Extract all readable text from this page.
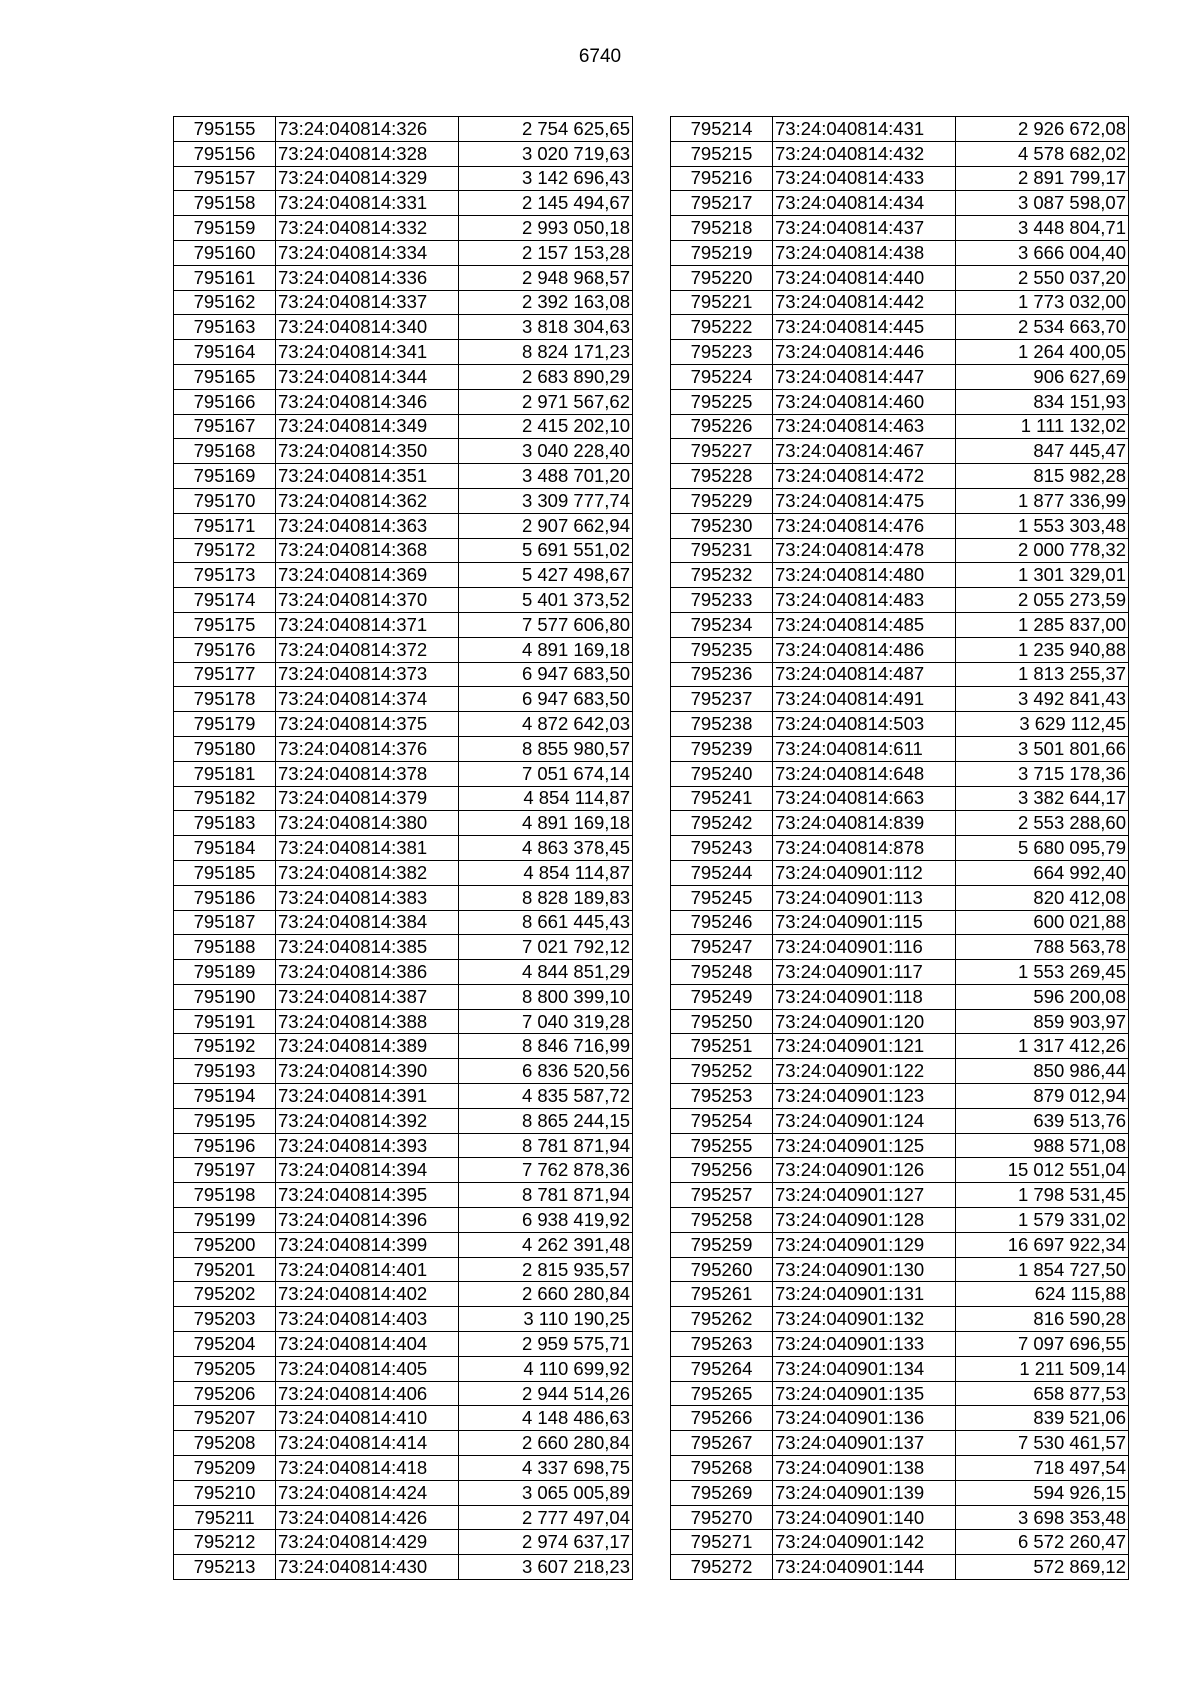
6740
795155	73:24:040814:326	2 754 625,65
795156	73:24:040814:328	3 020 719,63
795157	73:24:040814:329	3 142 696,43
795158	73:24:040814:331	2 145 494,67
795159	73:24:040814:332	2 993 050,18
795160	73:24:040814:334	2 157 153,28
795161	73:24:040814:336	2 948 968,57
795162	73:24:040814:337	2 392 163,08
795163	73:24:040814:340	3 818 304,63
795164	73:24:040814:341	8 824 171,23
795165	73:24:040814:344	2 683 890,29
795166	73:24:040814:346	2 971 567,62
795167	73:24:040814:349	2 415 202,10
795168	73:24:040814:350	3 040 228,40
795169	73:24:040814:351	3 488 701,20
795170	73:24:040814:362	3 309 777,74
795171	73:24:040814:363	2 907 662,94
795172	73:24:040814:368	5 691 551,02
795173	73:24:040814:369	5 427 498,67
795174	73:24:040814:370	5 401 373,52
795175	73:24:040814:371	7 577 606,80
795176	73:24:040814:372	4 891 169,18
795177	73:24:040814:373	6 947 683,50
795178	73:24:040814:374	6 947 683,50
795179	73:24:040814:375	4 872 642,03
795180	73:24:040814:376	8 855 980,57
795181	73:24:040814:378	7 051 674,14
795182	73:24:040814:379	4 854 114,87
795183	73:24:040814:380	4 891 169,18
795184	73:24:040814:381	4 863 378,45
795185	73:24:040814:382	4 854 114,87
795186	73:24:040814:383	8 828 189,83
795187	73:24:040814:384	8 661 445,43
795188	73:24:040814:385	7 021 792,12
795189	73:24:040814:386	4 844 851,29
795190	73:24:040814:387	8 800 399,10
795191	73:24:040814:388	7 040 319,28
795192	73:24:040814:389	8 846 716,99
795193	73:24:040814:390	6 836 520,56
795194	73:24:040814:391	4 835 587,72
795195	73:24:040814:392	8 865 244,15
795196	73:24:040814:393	8 781 871,94
795197	73:24:040814:394	7 762 878,36
795198	73:24:040814:395	8 781 871,94
795199	73:24:040814:396	6 938 419,92
795200	73:24:040814:399	4 262 391,48
795201	73:24:040814:401	2 815 935,57
795202	73:24:040814:402	2 660 280,84
795203	73:24:040814:403	3 110 190,25
795204	73:24:040814:404	2 959 575,71
795205	73:24:040814:405	4 110 699,92
795206	73:24:040814:406	2 944 514,26
795207	73:24:040814:410	4 148 486,63
795208	73:24:040814:414	2 660 280,84
795209	73:24:040814:418	4 337 698,75
795210	73:24:040814:424	3 065 005,89
795211	73:24:040814:426	2 777 497,04
795212	73:24:040814:429	2 974 637,17
795213	73:24:040814:430	3 607 218,23
795214	73:24:040814:431	2 926 672,08
795215	73:24:040814:432	4 578 682,02
795216	73:24:040814:433	2 891 799,17
795217	73:24:040814:434	3 087 598,07
795218	73:24:040814:437	3 448 804,71
795219	73:24:040814:438	3 666 004,40
795220	73:24:040814:440	2 550 037,20
795221	73:24:040814:442	1 773 032,00
795222	73:24:040814:445	2 534 663,70
795223	73:24:040814:446	1 264 400,05
795224	73:24:040814:447	906 627,69
795225	73:24:040814:460	834 151,93
795226	73:24:040814:463	1 111 132,02
795227	73:24:040814:467	847 445,47
795228	73:24:040814:472	815 982,28
795229	73:24:040814:475	1 877 336,99
795230	73:24:040814:476	1 553 303,48
795231	73:24:040814:478	2 000 778,32
795232	73:24:040814:480	1 301 329,01
795233	73:24:040814:483	2 055 273,59
795234	73:24:040814:485	1 285 837,00
795235	73:24:040814:486	1 235 940,88
795236	73:24:040814:487	1 813 255,37
795237	73:24:040814:491	3 492 841,43
795238	73:24:040814:503	3 629 112,45
795239	73:24:040814:611	3 501 801,66
795240	73:24:040814:648	3 715 178,36
795241	73:24:040814:663	3 382 644,17
795242	73:24:040814:839	2 553 288,60
795243	73:24:040814:878	5 680 095,79
795244	73:24:040901:112	664 992,40
795245	73:24:040901:113	820 412,08
795246	73:24:040901:115	600 021,88
795247	73:24:040901:116	788 563,78
795248	73:24:040901:117	1 553 269,45
795249	73:24:040901:118	596 200,08
795250	73:24:040901:120	859 903,97
795251	73:24:040901:121	1 317 412,26
795252	73:24:040901:122	850 986,44
795253	73:24:040901:123	879 012,94
795254	73:24:040901:124	639 513,76
795255	73:24:040901:125	988 571,08
795256	73:24:040901:126	15 012 551,04
795257	73:24:040901:127	1 798 531,45
795258	73:24:040901:128	1 579 331,02
795259	73:24:040901:129	16 697 922,34
795260	73:24:040901:130	1 854 727,50
795261	73:24:040901:131	624 115,88
795262	73:24:040901:132	816 590,28
795263	73:24:040901:133	7 097 696,55
795264	73:24:040901:134	1 211 509,14
795265	73:24:040901:135	658 877,53
795266	73:24:040901:136	839 521,06
795267	73:24:040901:137	7 530 461,57
795268	73:24:040901:138	718 497,54
795269	73:24:040901:139	594 926,15
795270	73:24:040901:140	3 698 353,48
795271	73:24:040901:142	6 572 260,47
795272	73:24:040901:144	572 869,12
